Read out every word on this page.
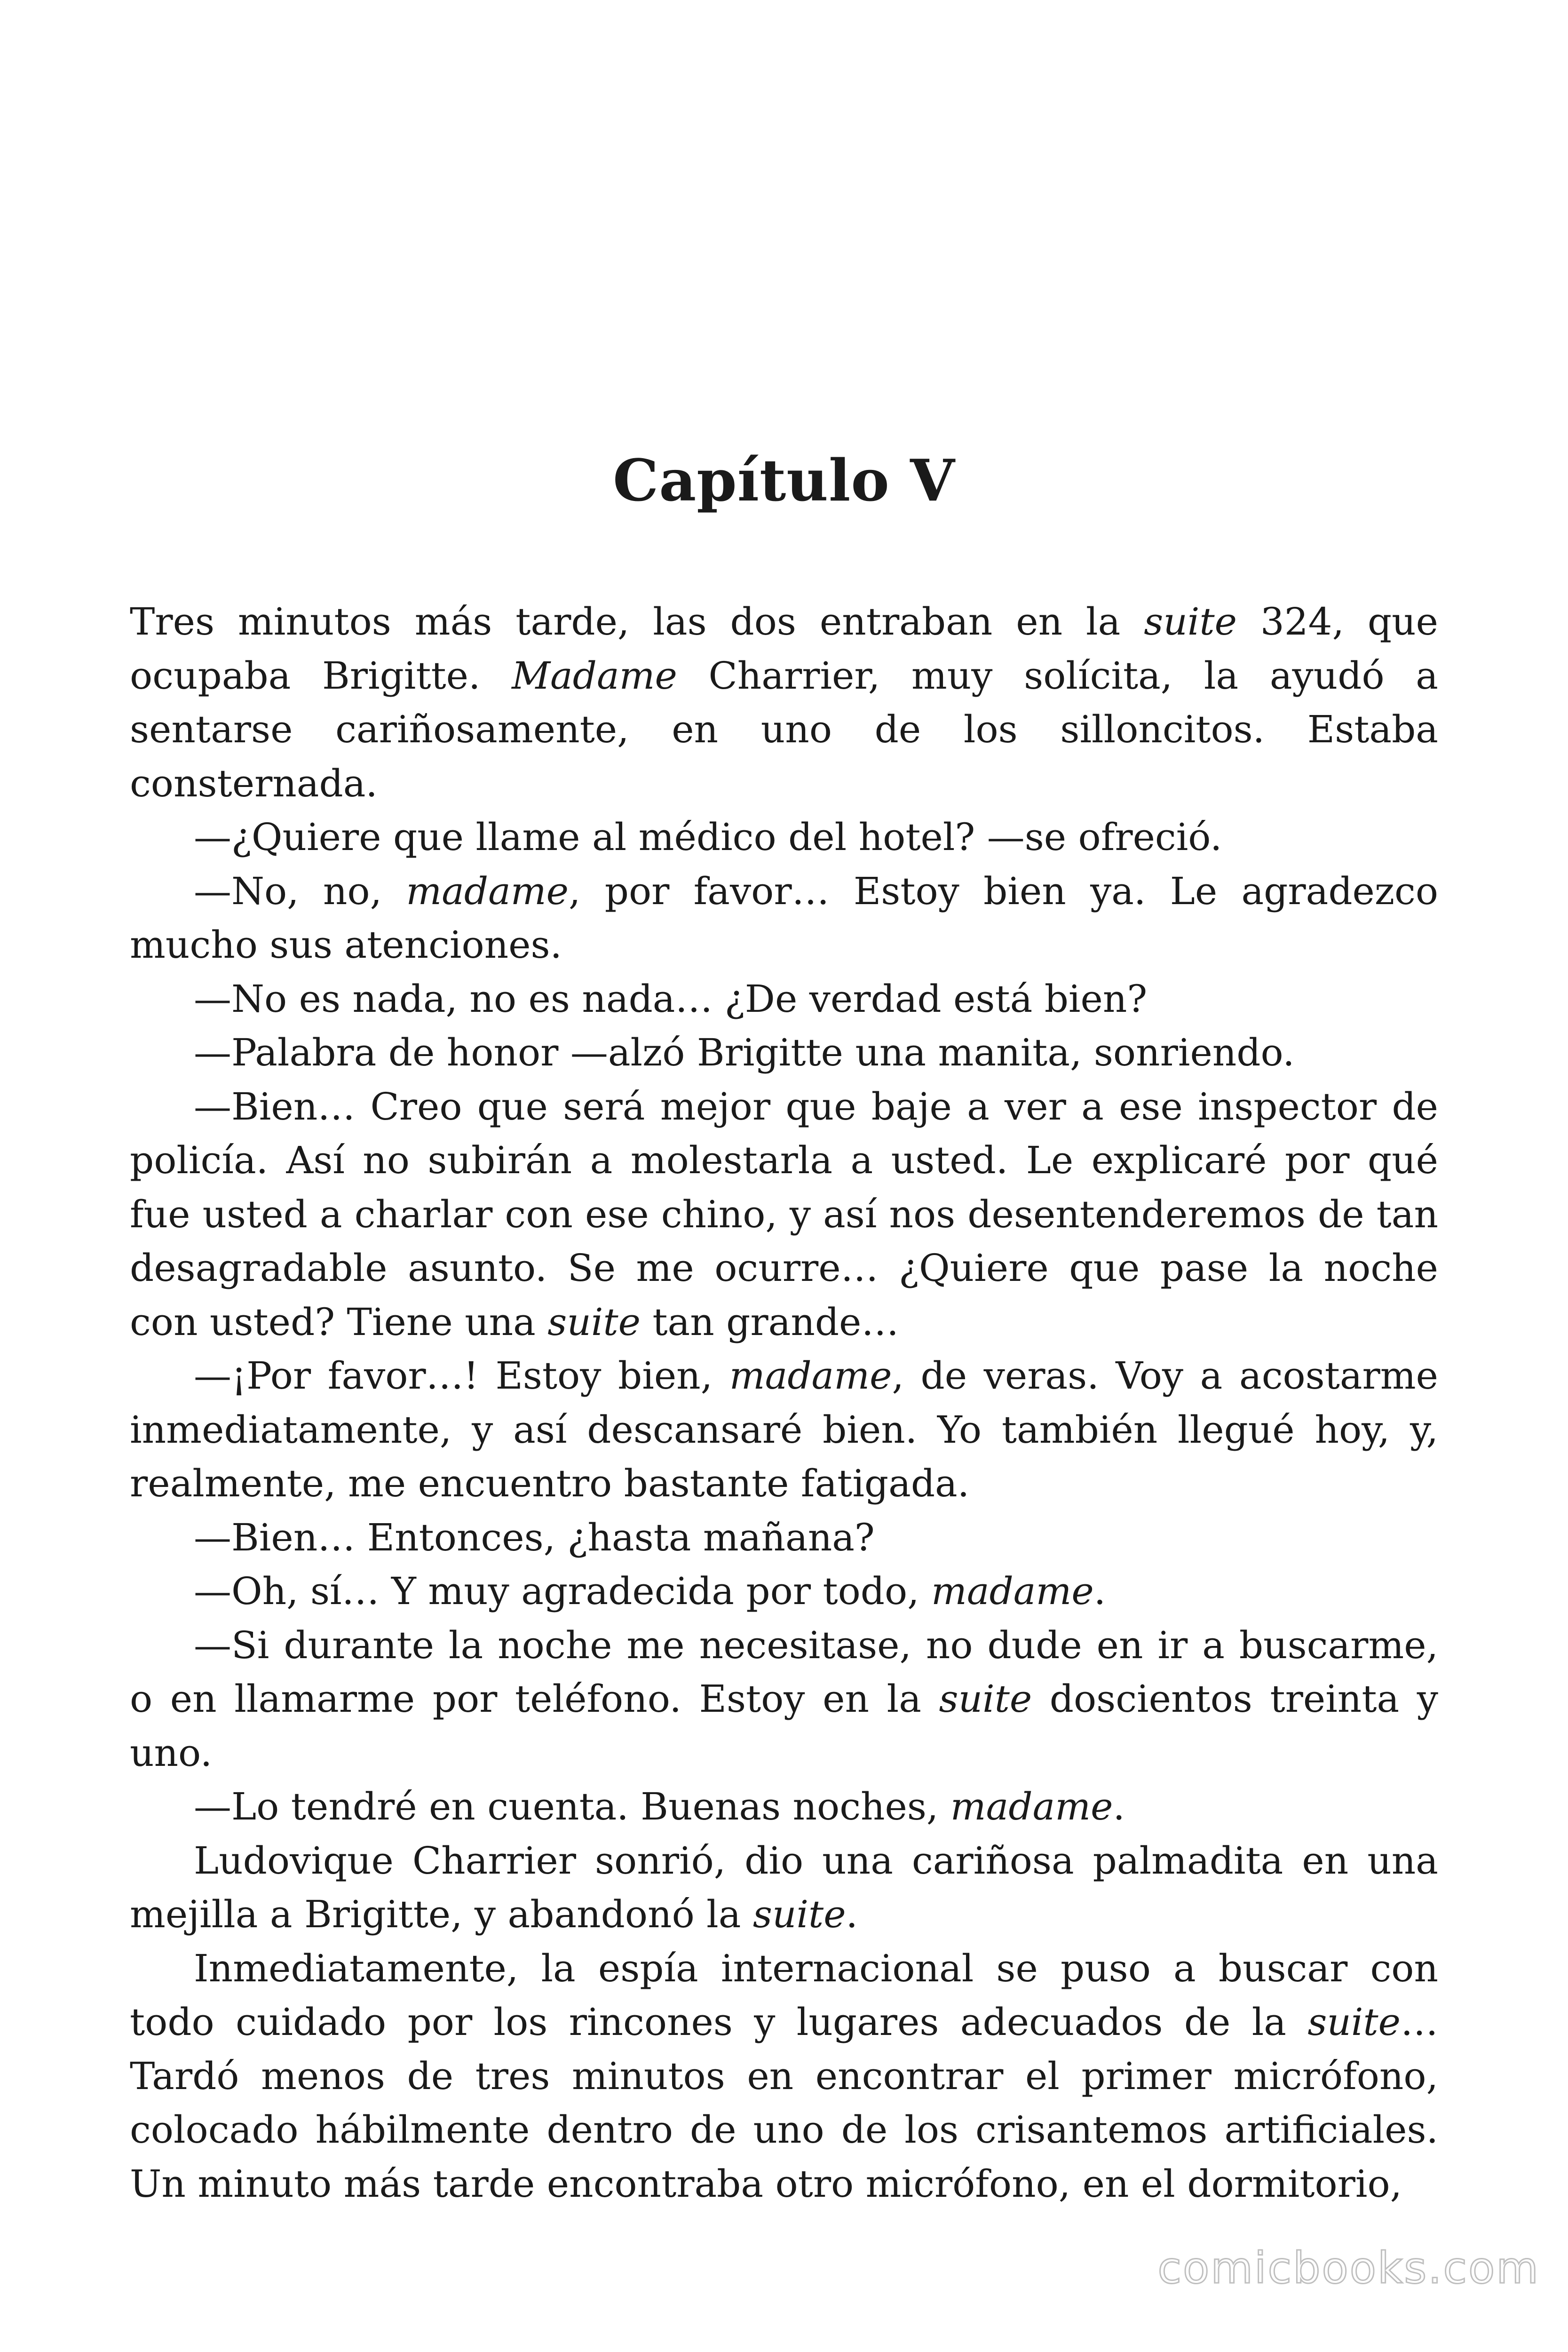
Capítulo V

Tres minutos más tarde, las dos entraban en la suite 324, que ocupaba Brigitte. Madame Charrier, muy solícita, la ayudó a sentarse cariñosamente, en uno de los silloncitos. Estaba consternada.

—¿Quiere que llame al médico del hotel? —se ofreció.

—No, no, madame, por favor… Estoy bien ya. Le agradezco mucho sus atenciones.

—No es nada, no es nada… ¿De verdad está bien?

—Palabra de honor —alzó Brigitte una manita, sonriendo.

—Bien… Creo que será mejor que baje a ver a ese inspector de policía. Así no subirán a molestarla a usted. Le explicaré por qué fue usted a charlar con ese chino, y así nos desentenderemos de tan desagradable asunto. Se me ocurre… ¿Quiere que pase la noche con usted? Tiene una suite tan grande…

—¡Por favor…! Estoy bien, madame, de veras. Voy a acostarme inmediatamente, y así descansaré bien. Yo también llegué hoy, y, realmente, me encuentro bastante fatigada.

—Bien… Entonces, ¿hasta mañana?

—Oh, sí… Y muy agradecida por todo, madame.

—Si durante la noche me necesitase, no dude en ir a buscarme, o en llamarme por teléfono. Estoy en la suite doscientos treinta y uno.

—Lo tendré en cuenta. Buenas noches, madame.

Ludovique Charrier sonrió, dio una cariñosa palmadita en una mejilla a Brigitte, y abandonó la suite.

Inmediatamente, la espía internacional se puso a buscar con todo cuidado por los rincones y lugares adecuados de la suite… Tardó menos de tres minutos en encontrar el primer micrófono, colocado hábilmente dentro de uno de los crisantemos artificiales. Un minuto más tarde encontraba otro micrófono, en el dormitorio,

comicbooks.com
